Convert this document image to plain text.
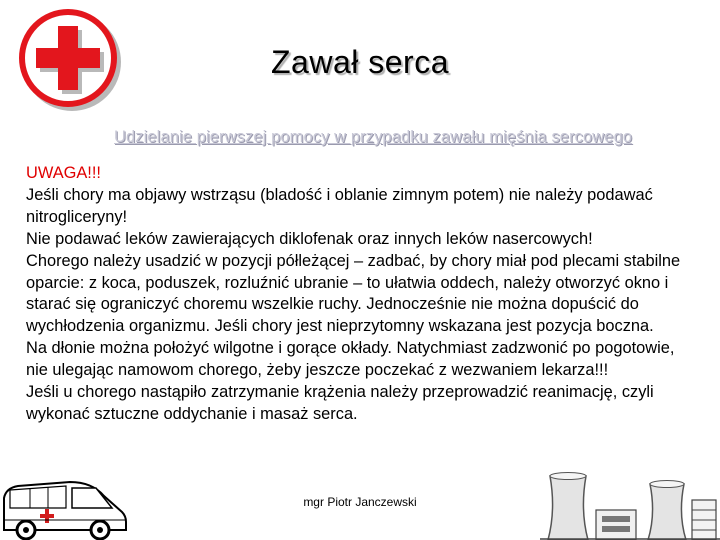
Zawał serca
Udzielanie pierwszej pomocy w przypadku zawału mięśnia sercowego

UWAGA!!!

Jeśli chory ma objawy wstrząsu (bladość i oblanie zimnym potem) nie należy podawać nitrogliceryny!

Nie podawać leków zawierających diklofenak oraz innych leków nasercowych!

Chorego należy usadzić w pozycji półleżącej – zadbać, by chory miał pod plecami stabilne oparcie: z koca, poduszek, rozluźnić ubranie – to ułatwia oddech, należy otworzyć okno i starać się ograniczyć choremu wszelkie ruchy. Jednocześnie nie można dopuścić do wychłodzenia organizmu. Jeśli chory jest nieprzytomny wskazana jest pozycja boczna.

Na dłonie można położyć wilgotne i gorące okłady. Natychmiast zadzwonić po pogotowie, nie ulegając namowom chorego, żeby jeszcze poczekać z wezwaniem lekarza!!!

Jeśli u chorego nastąpiło zatrzymanie krążenia należy przeprowadzić reanimację, czyli wykonać sztuczne oddychanie i masaż serca.

mgr Piotr Janczewski
